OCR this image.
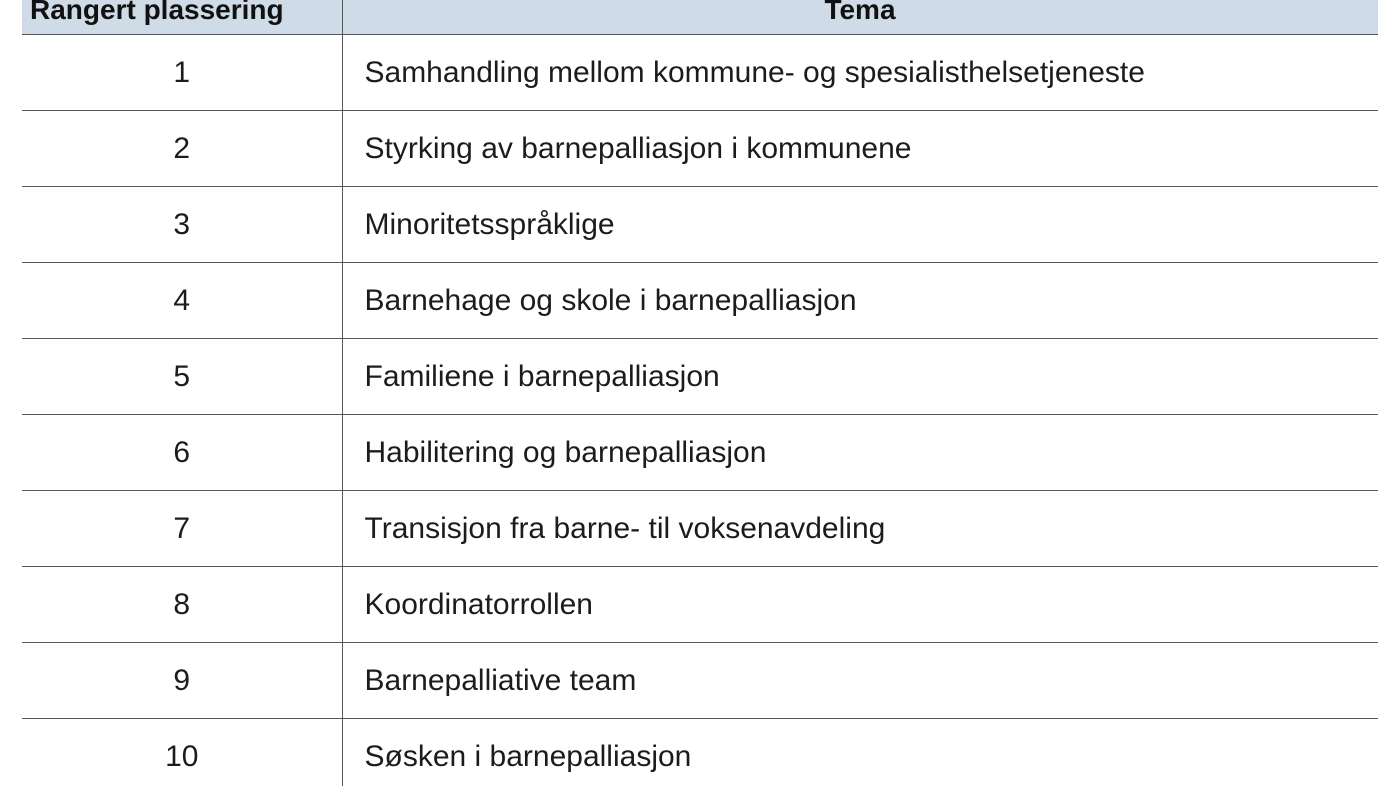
Rangert plassering	Tema
1	Samhandling mellom kommune- og spesialisthelsetjeneste
2	Styrking av barnepalliasjon i kommunene
3	Minoritetsspråklige
4	Barnehage og skole i barnepalliasjon
5	Familiene i barnepalliasjon
6	Habilitering og barnepalliasjon
7	Transisjon fra barne- til voksenavdeling
8	Koordinatorrollen
9	Barnepalliative team
10	Søsken i barnepalliasjon
